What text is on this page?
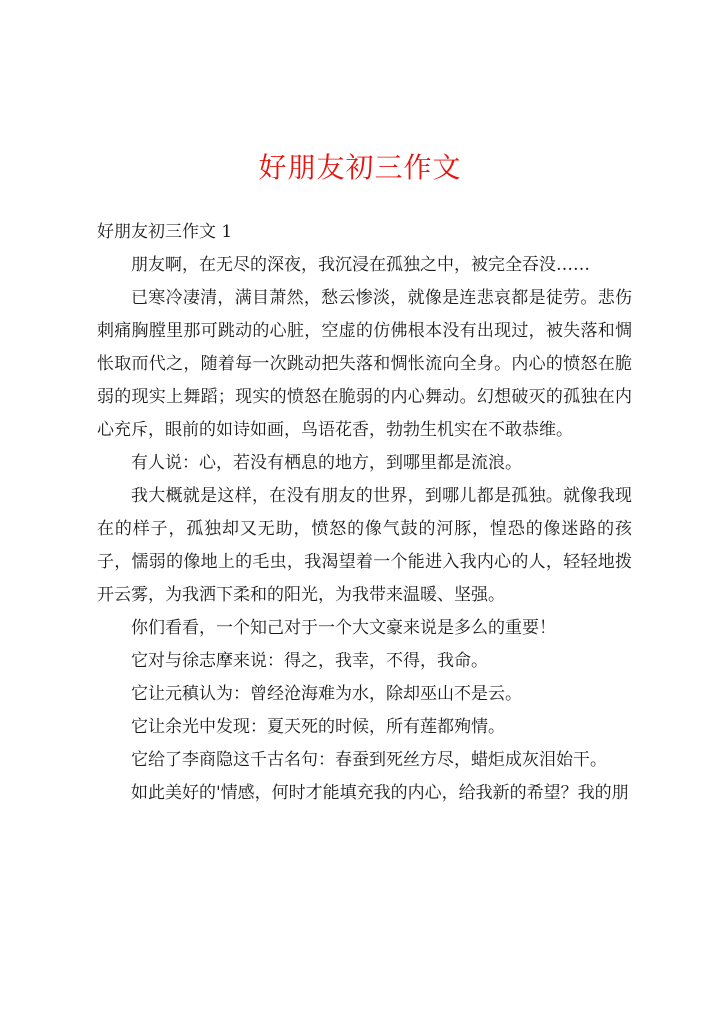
好朋友初三作文

好朋友初三作文 1

朋友啊，在无尽的深夜，我沉浸在孤独之中，被完全吞没……

已寒冷凄清，满目萧然，愁云惨淡，就像是连悲哀都是徒劳。悲伤刺痛胸膛里那可跳动的心脏，空虚的仿佛根本没有出现过，被失落和惆怅取而代之，随着每一次跳动把失落和惆怅流向全身。内心的愤怒在脆弱的现实上舞蹈；现实的愤怒在脆弱的内心舞动。幻想破灭的孤独在内心充斥，眼前的如诗如画，鸟语花香，勃勃生机实在不敢恭维。

有人说：心，若没有栖息的地方，到哪里都是流浪。

我大概就是这样，在没有朋友的世界，到哪儿都是孤独。就像我现在的样子，孤独却又无助，愤怒的像气鼓的河豚，惶恐的像迷路的孩子，懦弱的像地上的毛虫，我渴望着一个能进入我内心的人，轻轻地拨开云雾，为我洒下柔和的阳光，为我带来温暖、坚强。

你们看看，一个知己对于一个大文豪来说是多么的重要！

它对与徐志摩来说：得之，我幸，不得，我命。

它让元稹认为：曾经沧海难为水，除却巫山不是云。

它让余光中发现：夏天死的时候，所有莲都殉情。

它给了李商隐这千古名句：春蚕到死丝方尽，蜡炬成灰泪始干。

如此美好的'情感，何时才能填充我的内心，给我新的希望？我的朋
